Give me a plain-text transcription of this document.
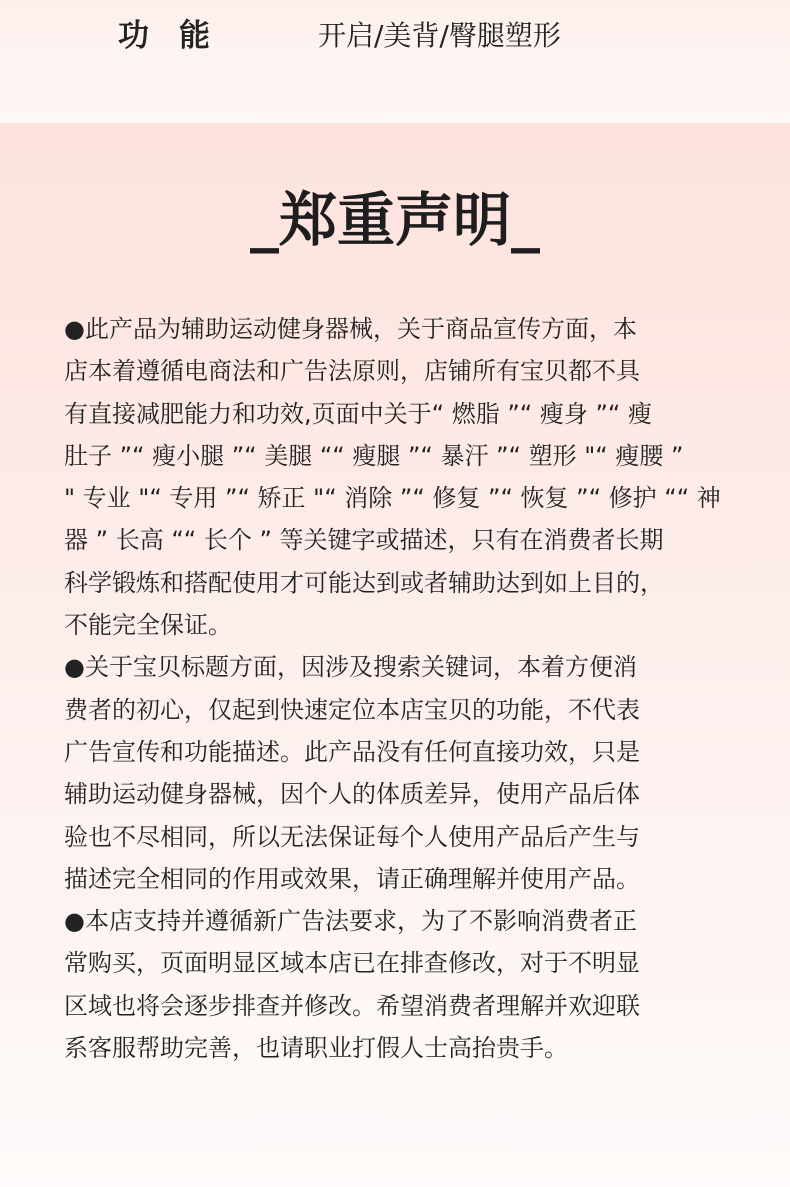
功能	开启/美背/臀腿塑形
_郑重声明_
●此产品为辅助运动健身器械，关于商品宣传方面，本
店本着遵循电商法和广告法原则，店铺所有宝贝都不具
有直接减肥能力和功效,页面中关于“ 燃脂 ”“ 瘦身 ”“ 瘦
肚子 ”“ 瘦小腿 ”“ 美腿 ““ 瘦腿 ”“ 暴汗 ”“ 塑形 "“ 瘦腰 ”
" 专业 "“ 专用 ”“ 矫正 "“ 消除 ”“ 修复 ”“ 恢复 ”“ 修护 ““ 神
器 ” 长高 ““ 长个 ” 等关键字或描述，只有在消费者长期
科学锻炼和搭配使用才可能达到或者辅助达到如上目的，
不能完全保证。
●关于宝贝标题方面，因涉及搜索关键词，本着方便消
费者的初心，仅起到快速定位本店宝贝的功能，不代表
广告宣传和功能描述。此产品没有任何直接功效，只是
辅助运动健身器械，因个人的体质差异，使用产品后体
验也不尽相同，所以无法保证每个人使用产品后产生与
描述完全相同的作用或效果，请正确理解并使用产品。
●本店支持并遵循新广告法要求，为了不影响消费者正
常购买，页面明显区域本店已在排查修改，对于不明显
区域也将会逐步排查并修改。希望消费者理解并欢迎联
系客服帮助完善，也请职业打假人士高抬贵手。
